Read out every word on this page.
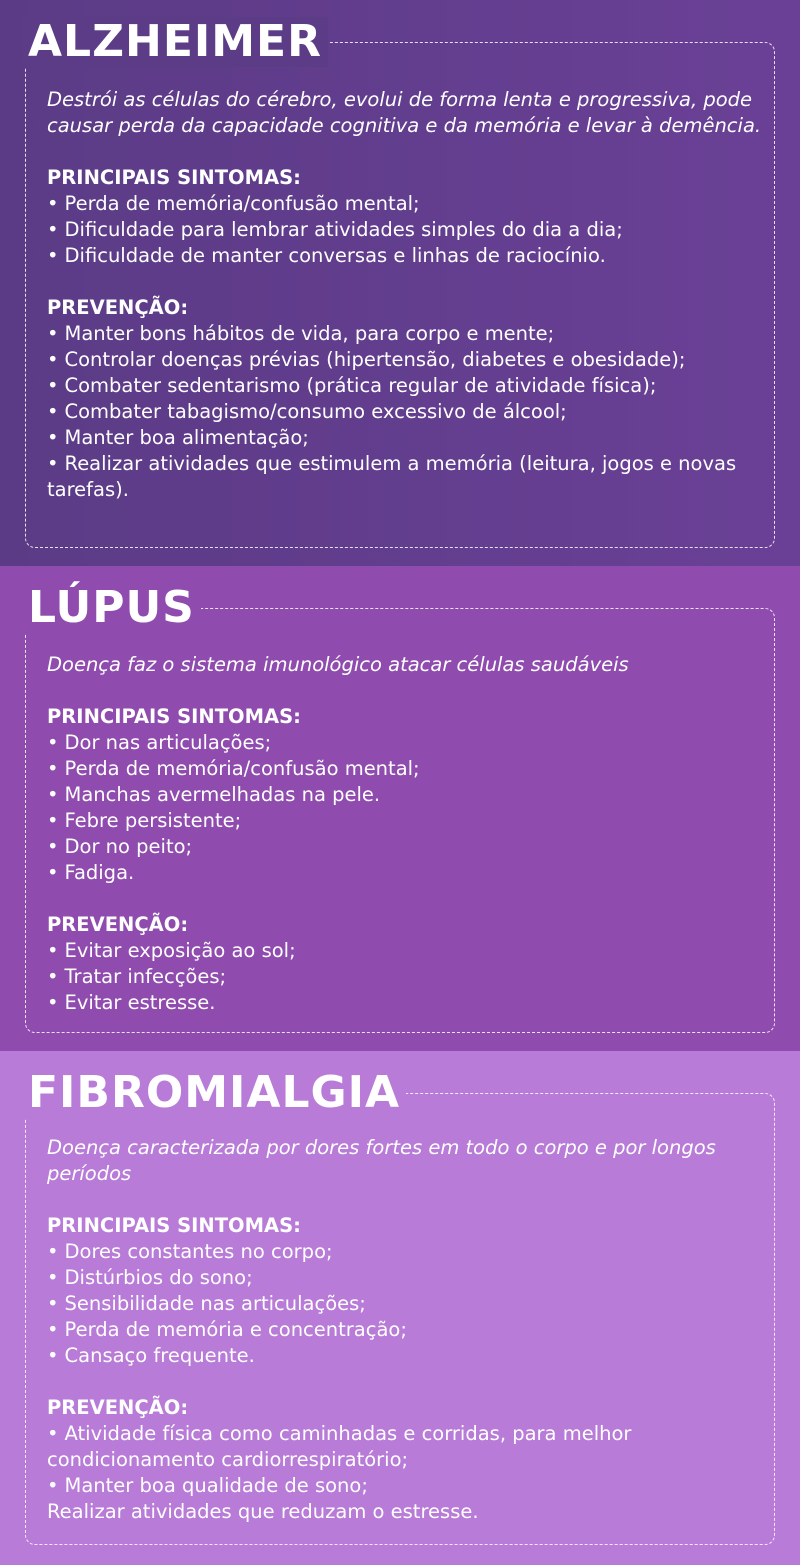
ALZHEIMER

Destrói as células do cérebro, evolui de forma lenta e progressiva, pode causar perda da capacidade cognitiva e da memória e levar à demência.

PRINCIPAIS SINTOMAS:

• Perda de memória/confusão mental;
• Dificuldade para lembrar atividades simples do dia a dia;
• Dificuldade de manter conversas e linhas de raciocínio.

PREVENÇÃO:

• Manter bons hábitos de vida, para corpo e mente;
• Controlar doenças prévias (hipertensão, diabetes e obesidade);
• Combater sedentarismo (prática regular de atividade física);
• Combater tabagismo/consumo excessivo de álcool;
• Manter boa alimentação;
• Realizar atividades que estimulem a memória (leitura, jogos e novas tarefas).
LÚPUS

Doença faz o sistema imunológico atacar células saudáveis

PRINCIPAIS SINTOMAS:

• Dor nas articulações;
• Perda de memória/confusão mental;
• Manchas avermelhadas na pele.
• Febre persistente;
• Dor no peito;
• Fadiga.

PREVENÇÃO:

• Evitar exposição ao sol;
• Tratar infecções;
• Evitar estresse.
FIBROMIALGIA

Doença caracterizada por dores fortes em todo o corpo e por longos períodos

PRINCIPAIS SINTOMAS:

• Dores constantes no corpo;
• Distúrbios do sono;
• Sensibilidade nas articulações;
• Perda de memória e concentração;
• Cansaço frequente.

PREVENÇÃO:

• Atividade física como caminhadas e corridas, para melhor condicionamento cardiorrespiratório;
• Manter boa qualidade de sono;
Realizar atividades que reduzam o estresse.
